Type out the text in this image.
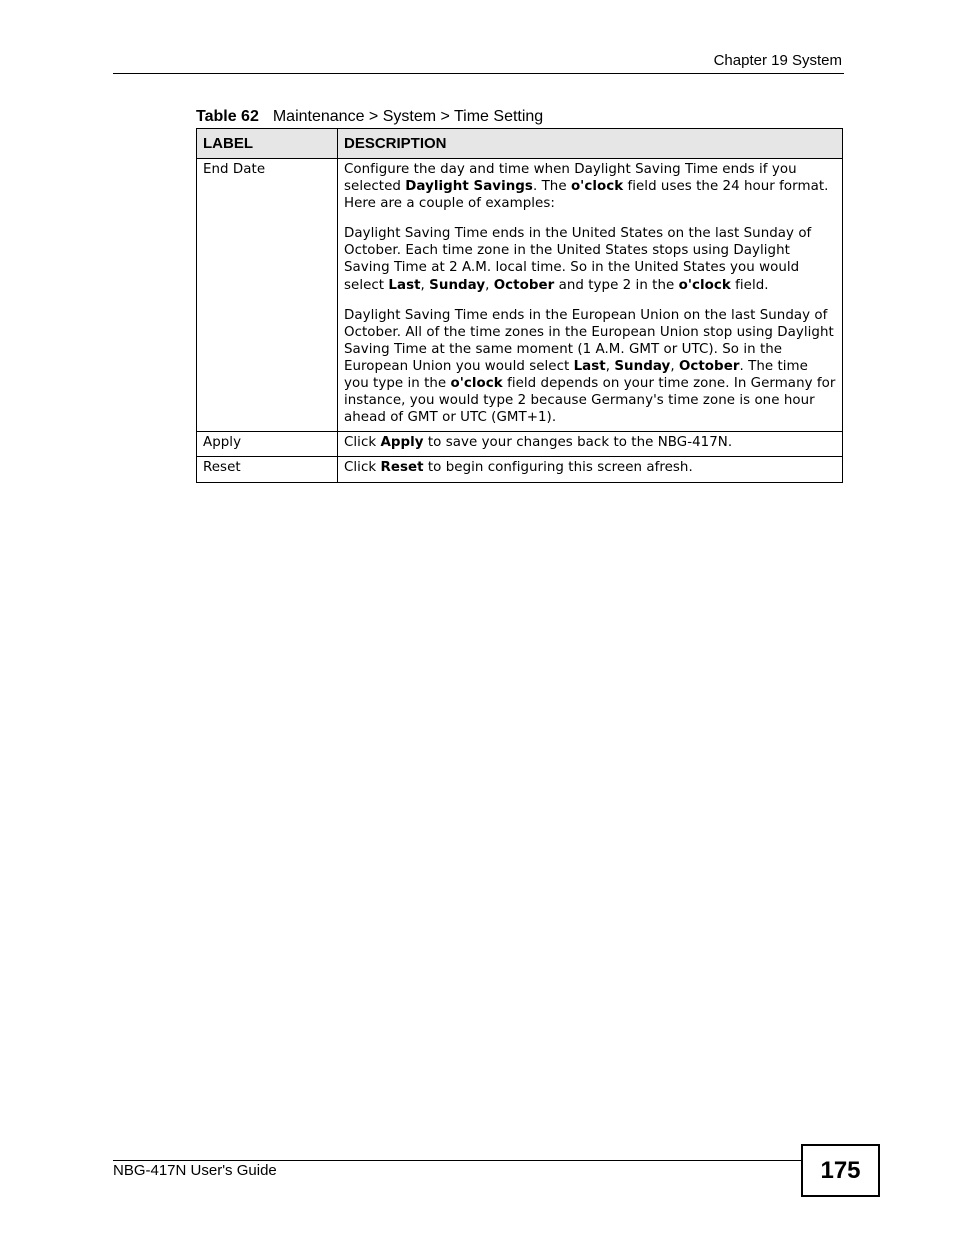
Chapter 19 System
Table 62 Maintenance > System > Time Setting
LABEL	DESCRIPTION
End Date	Configure the day and time when Daylight Saving Time ends if you selected Daylight Savings. The o'clock field uses the 24 hour format. Here are a couple of examples:

Daylight Saving Time ends in the United States on the last Sunday of October. Each time zone in the United States stops using Daylight Saving Time at 2 A.M. local time. So in the United States you would select Last, Sunday, October and type 2 in the o'clock field.

Daylight Saving Time ends in the European Union on the last Sunday of October. All of the time zones in the European Union stop using Daylight Saving Time at the same moment (1 A.M. GMT or UTC). So in the European Union you would select Last, Sunday, October. The time you type in the o'clock field depends on your time zone. In Germany for instance, you would type 2 because Germany's time zone is one hour ahead of GMT or UTC (GMT+1).

Apply	Click Apply to save your changes back to the NBG-417N.
Reset	Click Reset to begin configuring this screen afresh.
NBG-417N User's Guide	175
